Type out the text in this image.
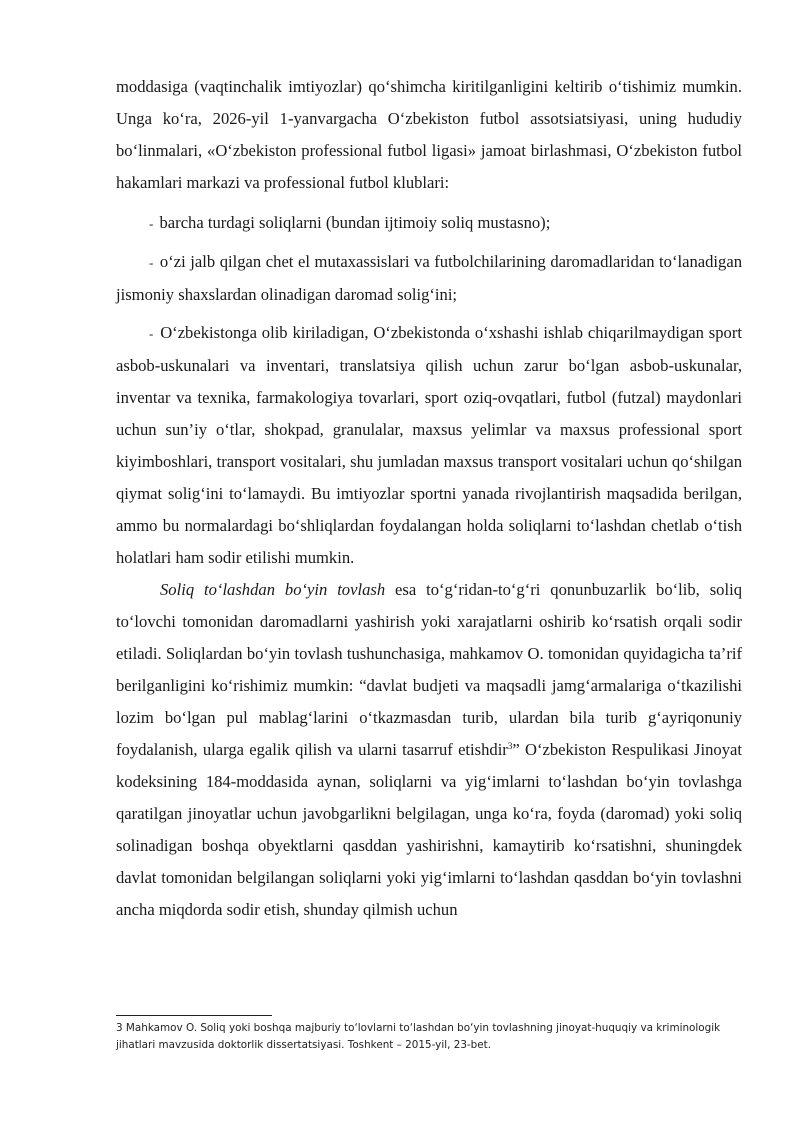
moddasiga (vaqtinchalik imtiyozlar) qo‘shimcha kiritilganligini keltirib o‘tishimiz mumkin. Unga ko‘ra, 2026-yil 1-yanvargacha O‘zbekiston futbol assotsiatsiyasi, uning hududiy bo‘linmalari, «O‘zbekiston professional futbol ligasi» jamoat birlashmasi, O‘zbekiston futbol hakamlari markazi va professional futbol klublari:

- barcha turdagi soliqlarni (bundan ijtimoiy soliq mustasno);

- o‘zi jalb qilgan chet el mutaxassislari va futbolchilarining daromadlaridan to‘lanadigan jismoniy shaxslardan olinadigan daromad solig‘ini;

- O‘zbekistonga olib kiriladigan, O‘zbekistonda o‘xshashi ishlab chiqarilmaydigan sport asbob-uskunalari va inventari, translatsiya qilish uchun zarur bo‘lgan asbob-uskunalar, inventar va texnika, farmakologiya tovarlari, sport oziq-ovqatlari, futbol (futzal) maydonlari uchun sun’iy o‘tlar, shokpad, granulalar, maxsus yelimlar va maxsus professional sport kiyimboshlari, transport vositalari, shu jumladan maxsus transport vositalari uchun qo‘shilgan qiymat solig‘ini to‘lamaydi. Bu imtiyozlar sportni yanada rivojlantirish maqsadida berilgan, ammo bu normalardagi bo‘shliqlardan foydalangan holda soliqlarni to‘lashdan chetlab o‘tish holatlari ham sodir etilishi mumkin.

Soliq to‘lashdan bo‘yin tovlash esa to‘g‘ridan-to‘g‘ri qonunbuzarlik bo‘lib, soliq to‘lovchi tomonidan daromadlarni yashirish yoki xarajatlarni oshirib ko‘rsatish orqali sodir etiladi. Soliqlardan bo‘yin tovlash tushunchasiga, mahkamov O. tomonidan quyidagicha ta’rif berilganligini ko‘rishimiz mumkin: “davlat budjeti va maqsadli jamg‘armalariga o‘tkazilishi lozim bo‘lgan pul mablag‘larini o‘tkazmasdan turib, ulardan bila turib g‘ayriqonuniy foydalanish, ularga egalik qilish va ularni tasarruf etishdir$^3$” O‘zbekiston Respulikasi Jinoyat kodeksining 184-moddasida aynan, soliqlarni va yig‘imlarni to‘lashdan bo‘yin tovlashga qaratilgan jinoyatlar uchun javobgarlikni belgilagan, unga ko‘ra, foyda (daromad) yoki soliq solinadigan boshqa obyektlarni qasddan yashirishni, kamaytirib ko‘rsatishni, shuningdek davlat tomonidan belgilangan soliqlarni yoki yig‘imlarni to‘lashdan qasddan bo‘yin tovlashni ancha miqdorda sodir etish, shunday qilmish uchun

3 Mahkamov O. Soliq yoki boshqa majburiy to‘lovlarni to‘lashdan bo‘yin tovlashning jinoyat-huquqiy va kriminologik jihatlari mavzusida doktorlik dissertatsiyasi. Toshkent – 2015-yil, 23-bet.
